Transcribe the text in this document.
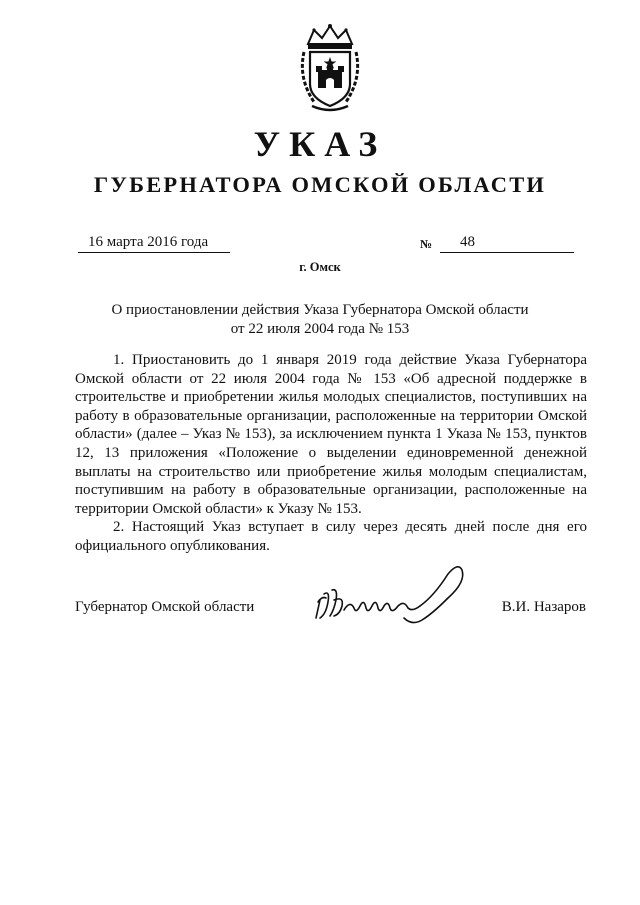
УКАЗ
ГУБЕРНАТОРА ОМСКОЙ ОБЛАСТИ
16 марта 2016 года	№	48
г. Омск
О приостановлении действия Указа Губернатора Омской области
от 22 июля 2004 года № 153

1. Приостановить до 1 января 2019 года действие Указа Губернатора Омской области от 22 июля 2004 года № 153 «Об адресной поддержке в строительстве и приобретении жилья молодых специалистов, поступивших на работу в образовательные организации, расположенные на территории Омской области» (далее – Указ № 153), за исключением пункта 1 Указа № 153, пунктов 12, 13 приложения «Положение о выделении единовременной денежной выплаты на строительство или приобретение жилья молодым специалистам, поступившим на работу в образовательные организации, расположенные на территории Омской области» к Указу № 153.

2. Настоящий Указ вступает в силу через десять дней после дня его официального опубликования.

Губернатор Омской области	В.И. Назаров
